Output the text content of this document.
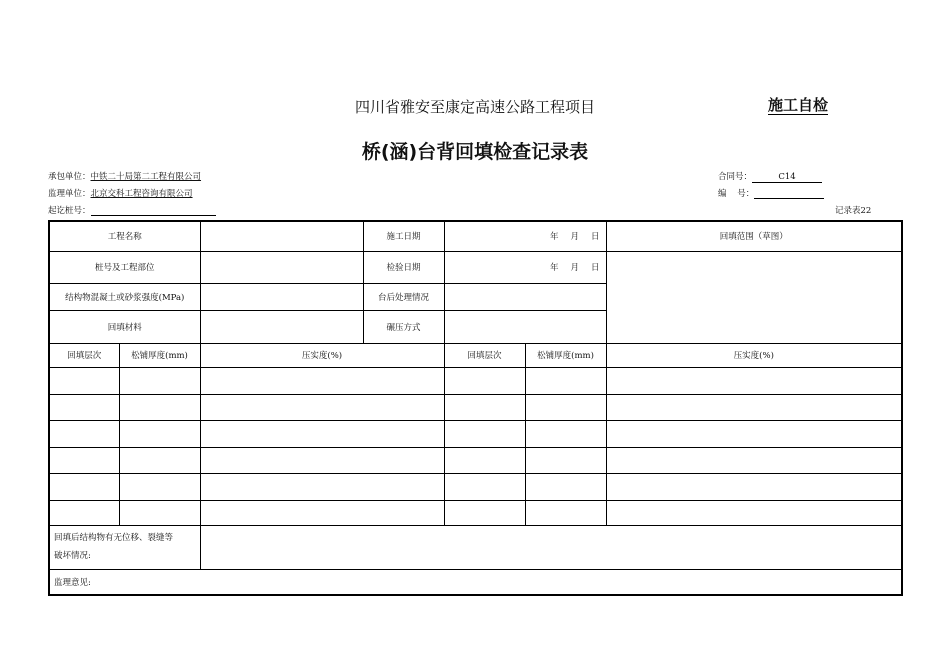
四川省雅安至康定高速公路工程项目	施工自检
桥(涵)台背回填检查记录表
承包单位：中铁二十局第二工程有限公司
监理单位：北京交科工程咨询有限公司
起讫桩号：
合同号：	C14
编    号：
记录表22
工程名称			施工日期	年 月 日		回填范围（草图）
桩号及工程部位			检验日期	年 月 日		
结构物混凝土或砂浆强度(MPa)			台后处理情况			
回填材料			碾压方式			
回填层次	松铺厚度(mm)	压实度(%)		回填层次	松铺厚度(mm)	压实度(%)

回填后结构物有无位移、裂缝等
破坏情况:						

监理意见:						
